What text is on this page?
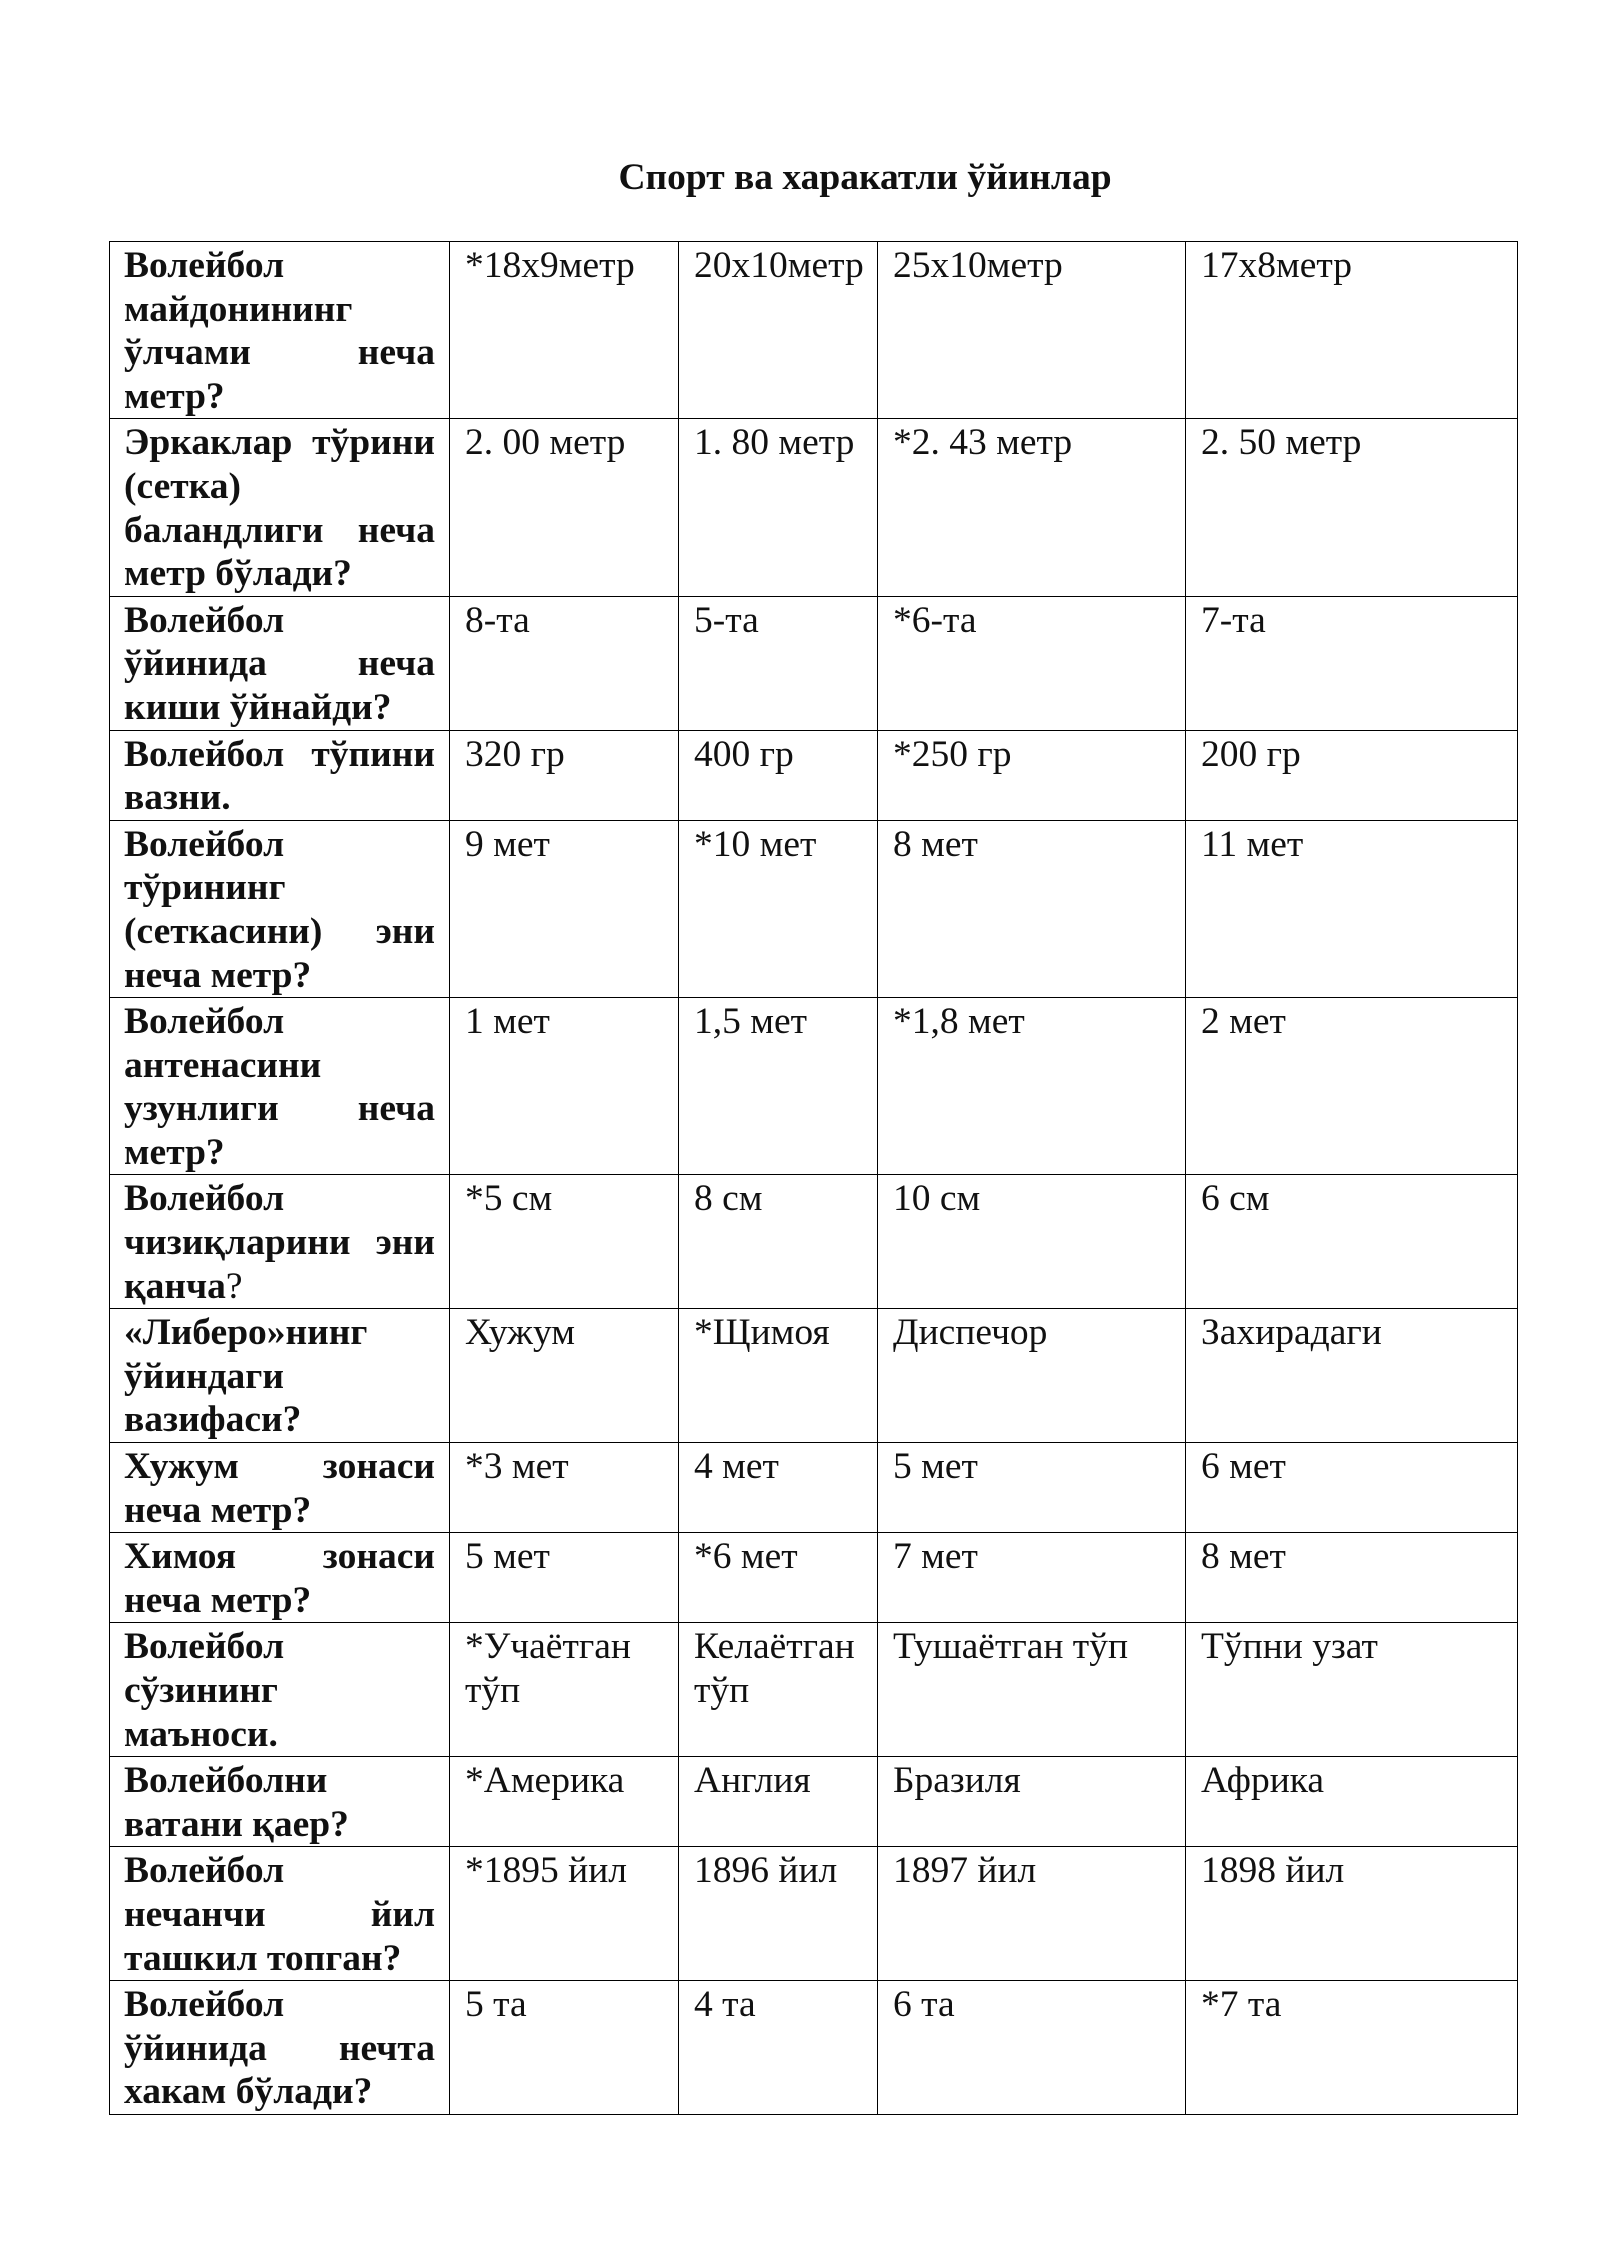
Спорт ва харакатли ўйинлар
Волейбол майдонининг ўлчами неча метр?	*18x9метр	20x10метр	25x10метр	17x8метр
Эркаклар тўрини (сетка) баландлиги неча метр бўлади?	2. 00 метр	1. 80 метр	*2. 43 метр	2. 50 метр
Волейбол ўйинида неча киши ўйнайди?	8-та	5-та	*6-та	7-та
Волейбол тўпини вазни.	320 гр	400 гр	*250 гр	200 гр
Волейбол тўрининг (сеткасини) эни неча метр?	9 мет	*10 мет	8 мет	11 мет
Волейбол антенасини узунлиги неча метр?	1 мет	1,5 мет	*1,8 мет	2 мет
Волейбол чизиқларини эни қанча?	*5 см	8 см	10 см	6 см
«Либеро»нинг ўйиндаги вазифаси?	Хужум	*Щимоя	Диспечор	Захирадаги
Хужум зонаси неча метр?	*3 мет	4 мет	5 мет	6 мет
Химоя зонаси неча метр?	5 мет	*6 мет	7 мет	8 мет
Волейбол сўзининг маъноси.	*Учаётган тўп	Келаётган тўп	Тушаётган тўп	Тўпни узат
Волейболни ватани қаер?	*Америка	Англия	Бразиля	Африка
Волейбол нечанчи йил ташкил топган?	*1895 йил	1896 йил	1897 йил	1898 йил
Волейбол ўйинида нечта хакам бўлади?	5 та	4 та	6 та	*7 та
